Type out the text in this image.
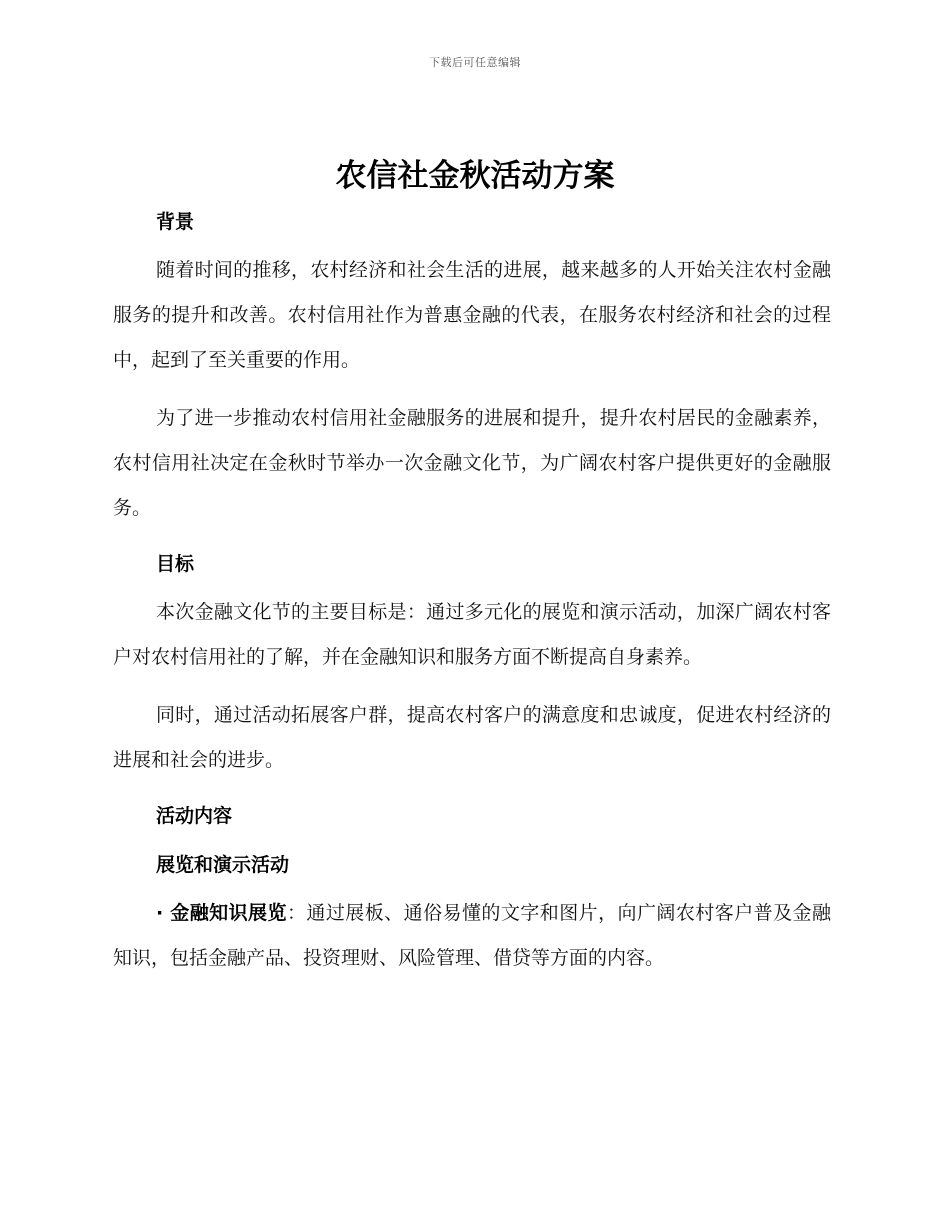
下载后可任意编辑
农信社金秋活动方案
背景

随着时间的推移，农村经济和社会生活的进展，越来越多的人开始关注农村金融服务的提升和改善。农村信用社作为普惠金融的代表，在服务农村经济和社会的过程中，起到了至关重要的作用。

为了进一步推动农村信用社金融服务的进展和提升，提升农村居民的金融素养，农村信用社决定在金秋时节举办一次金融文化节，为广阔农村客户提供更好的金融服务。

目标

本次金融文化节的主要目标是：通过多元化的展览和演示活动，加深广阔农村客户对农村信用社的了解，并在金融知识和服务方面不断提高自身素养。

同时，通过活动拓展客户群，提高农村客户的满意度和忠诚度，促进农村经济的进展和社会的进步。

活动内容
展览和演示活动

· 金融知识展览：通过展板、通俗易懂的文字和图片，向广阔农村客户普及金融知识，包括金融产品、投资理财、风险管理、借贷等方面的内容。
